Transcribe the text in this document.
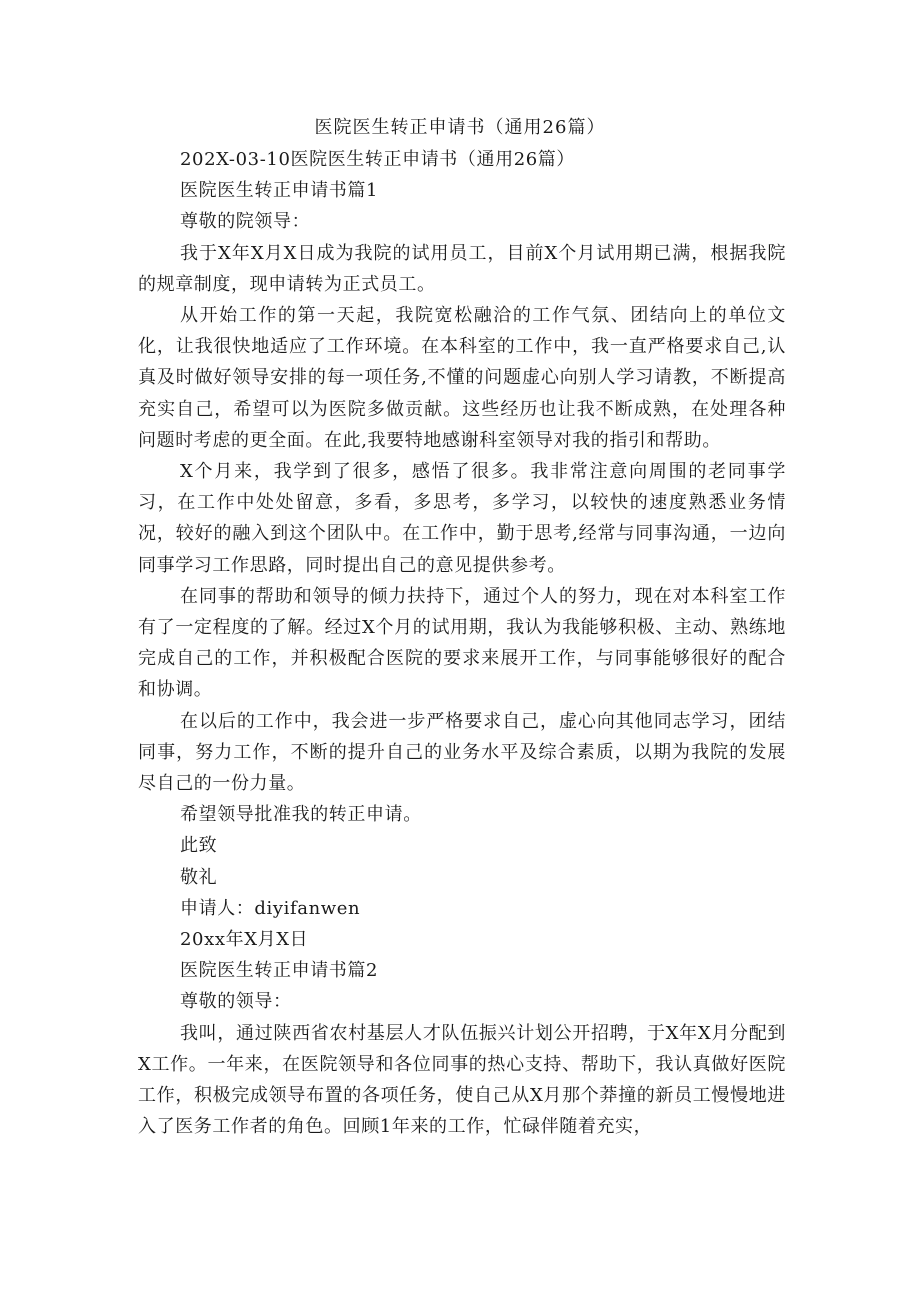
医院医生转正申请书（通用26篇）
202X-03-10医院医生转正申请书（通用26篇）
医院医生转正申请书篇1
尊敬的院领导：

我于X年X月X日成为我院的试用员工，目前X个月试用期已满，根据我院的规章制度，现申请转为正式员工。

从开始工作的第一天起，我院宽松融洽的工作气氛、团结向上的单位文化，让我很快地适应了工作环境。在本科室的工作中，我一直严格要求自己,认真及时做好领导安排的每一项任务,不懂的问题虚心向别人学习请教，不断提高充实自己，希望可以为医院多做贡献。这些经历也让我不断成熟，在处理各种问题时考虑的更全面。在此,我要特地感谢科室领导对我的指引和帮助。

X个月来，我学到了很多，感悟了很多。我非常注意向周围的老同事学习，在工作中处处留意，多看，多思考，多学习，以较快的速度熟悉业务情况，较好的融入到这个团队中。在工作中，勤于思考,经常与同事沟通，一边向同事学习工作思路，同时提出自己的意见提供参考。

在同事的帮助和领导的倾力扶持下，通过个人的努力，现在对本科室工作有了一定程度的了解。经过X个月的试用期，我认为我能够积极、主动、熟练地完成自己的工作，并积极配合医院的要求来展开工作，与同事能够很好的配合和协调。

在以后的工作中，我会进一步严格要求自己，虚心向其他同志学习，团结同事，努力工作，不断的提升自己的业务水平及综合素质，以期为我院的发展尽自己的一份力量。

希望领导批准我的转正申请。
此致
敬礼
申请人：diyifanwen
20xx年X月X日
医院医生转正申请书篇2
尊敬的领导：

我叫，通过陕西省农村基层人才队伍振兴计划公开招聘，于X年X月分配到X工作。一年来，在医院领导和各位同事的热心支持、帮助下，我认真做好医院工作，积极完成领导布置的各项任务，使自己从X月那个莽撞的新员工慢慢地进入了医务工作者的角色。回顾1年来的工作，忙碌伴随着充实，
